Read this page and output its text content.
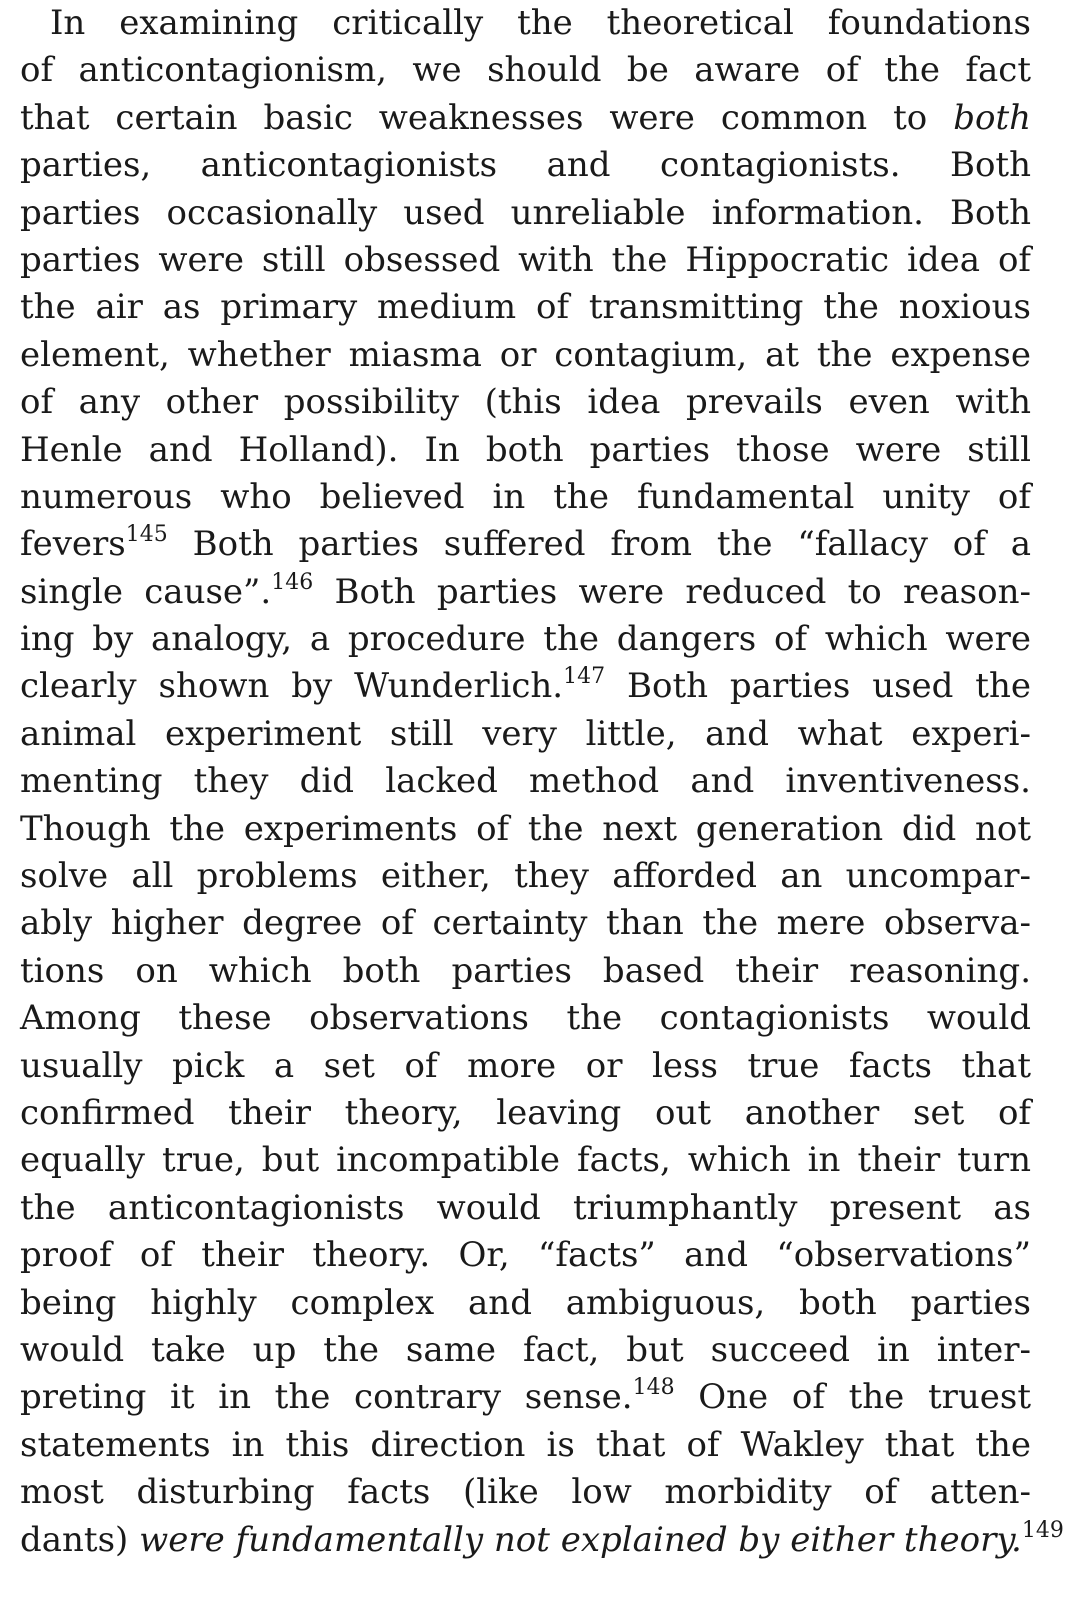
In examining critically the theoretical foundations
of anticontagionism, we should be aware of the fact
that certain basic weaknesses were common to both
parties, anticontagionists and contagionists. Both
parties occasionally used unreliable information. Both
parties were still obsessed with the Hippocratic idea of
the air as primary medium of transmitting the noxious
element, whether miasma or contagium, at the expense
of any other possibility (this idea prevails even with
Henle and Holland). In both parties those were still
numerous who believed in the fundamental unity of
fevers$^{145}$ Both parties suffered from the “fallacy of a
single cause”.$^{146}$ Both parties were reduced to reason-
ing by analogy, a procedure the dangers of which were
clearly shown by Wunderlich.$^{147}$ Both parties used the
animal experiment still very little, and what experi-
menting they did lacked method and inventiveness.
Though the experiments of the next generation did not
solve all problems either, they afforded an uncompar-
ably higher degree of certainty than the mere observa-
tions on which both parties based their reasoning.
Among these observations the contagionists would
usually pick a set of more or less true facts that
confirmed their theory, leaving out another set of
equally true, but incompatible facts, which in their turn
the anticontagionists would triumphantly present as
proof of their theory. Or, “facts” and “observations”
being highly complex and ambiguous, both parties
would take up the same fact, but succeed in inter-
preting it in the contrary sense.$^{148}$ One of the truest
statements in this direction is that of Wakley that the
most disturbing facts (like low morbidity of atten-
dants) were fundamentally not explained by either theory.$^{149}$
